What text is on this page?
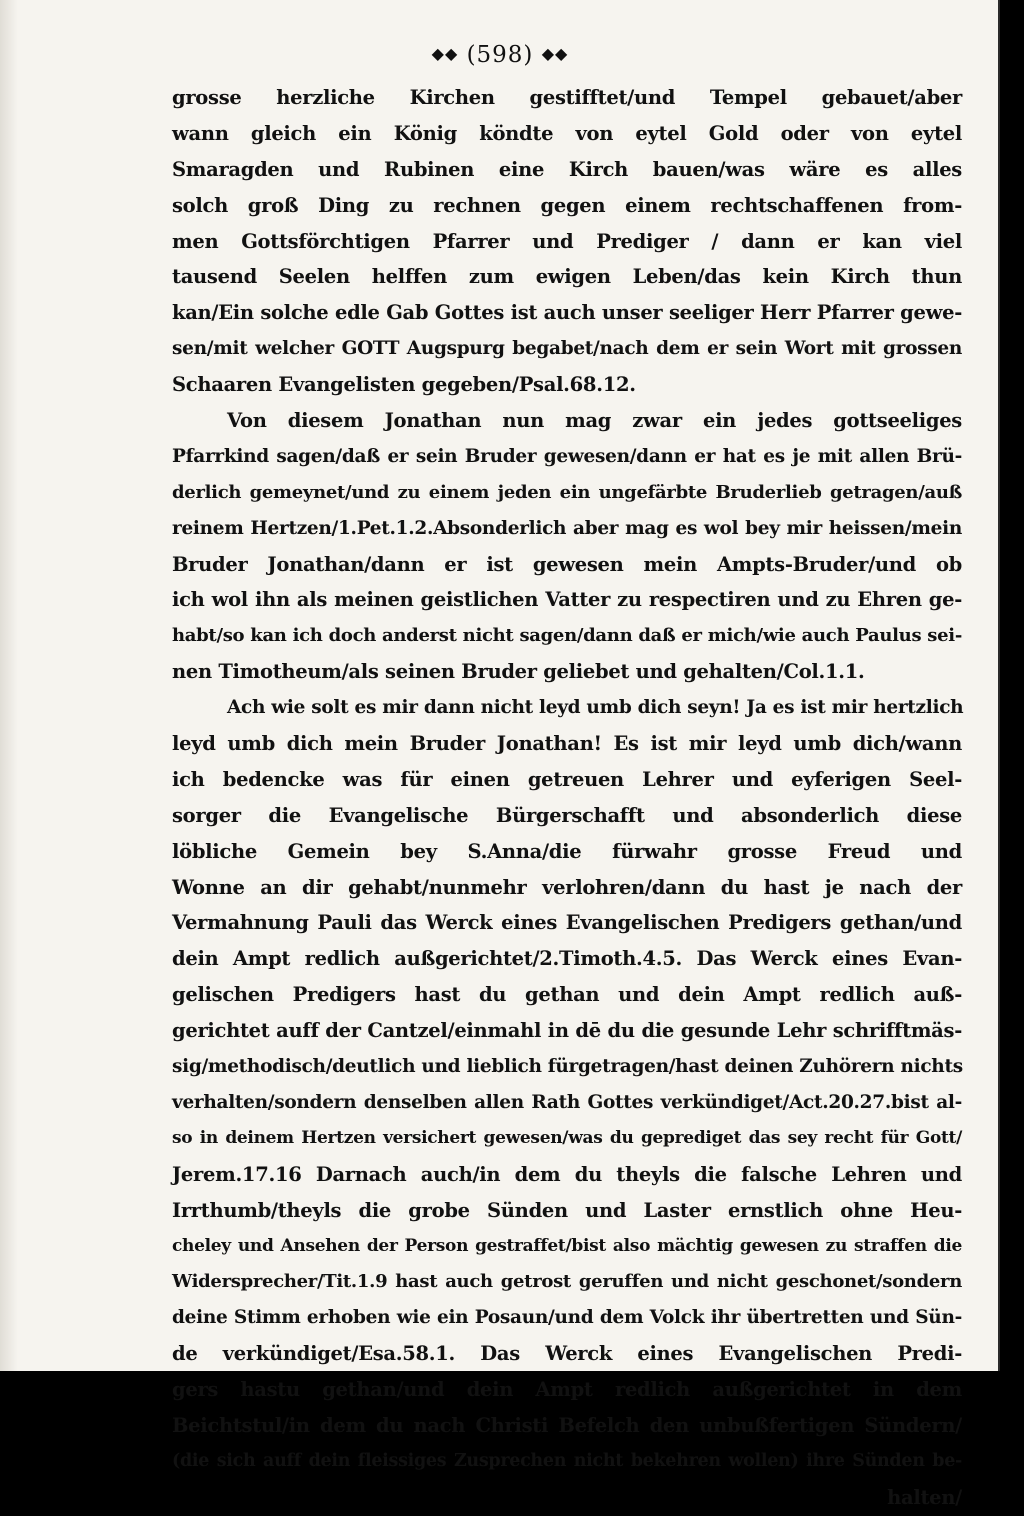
◆◆ (598) ◆◆
grosse herzliche Kirchen gestifftet/und Tempel gebauet/aber
wann gleich ein König köndte von eytel Gold oder von eytel
Smaragden und Rubinen eine Kirch bauen/was wäre es alles
solch groß Ding zu rechnen gegen einem rechtschaffenen from-
men Gottsförchtigen Pfarrer und Prediger / dann er kan viel
tausend Seelen helffen zum ewigen Leben/das kein Kirch thun
kan/Ein solche edle Gab Gottes ist auch unser seeliger Herr Pfarrer gewe-
sen/mit welcher GOTT Augspurg begabet/nach dem er sein Wort mit grossen
Schaaren Evangelisten gegeben/Psal.68.12.
Von diesem Jonathan nun mag zwar ein jedes gottseeliges
Pfarrkind sagen/daß er sein Bruder gewesen/dann er hat es je mit allen Brü-
derlich gemeynet/und zu einem jeden ein ungefärbte Bruderlieb getragen/auß
reinem Hertzen/1.Pet.1.2.Absonderlich aber mag es wol bey mir heissen/mein
Bruder Jonathan/dann er ist gewesen mein Ampts-Bruder/und ob
ich wol ihn als meinen geistlichen Vatter zu respectiren und zu Ehren ge-
habt/so kan ich doch anderst nicht sagen/dann daß er mich/wie auch Paulus sei-
nen Timotheum/als seinen Bruder geliebet und gehalten/Col.1.1.
Ach wie solt es mir dann nicht leyd umb dich seyn! Ja es ist mir hertzlich
leyd umb dich mein Bruder Jonathan! Es ist mir leyd umb dich/wann
ich bedencke was für einen getreuen Lehrer und eyferigen Seel-
sorger die Evangelische Bürgerschafft und absonderlich diese
löbliche Gemein bey S.Anna/die fürwahr grosse Freud und
Wonne an dir gehabt/nunmehr verlohren/dann du hast je nach der
Vermahnung Pauli das Werck eines Evangelischen Predigers gethan/und
dein Ampt redlich außgerichtet/2.Timoth.4.5. Das Werck eines Evan-
gelischen Predigers hast du gethan und dein Ampt redlich auß-
gerichtet auff der Cantzel/einmahl in dē du die gesunde Lehr schrifftmäs-
sig/methodisch/deutlich und lieblich fürgetragen/hast deinen Zuhörern nichts
verhalten/sondern denselben allen Rath Gottes verkündiget/Act.20.27.bist al-
so in deinem Hertzen versichert gewesen/was du geprediget das sey recht für Gott/
Jerem.17.16 Darnach auch/in dem du theyls die falsche Lehren und
Irrthumb/theyls die grobe Sünden und Laster ernstlich ohne Heu-
cheley und Ansehen der Person gestraffet/bist also mächtig gewesen zu straffen die
Widersprecher/Tit.1.9 hast auch getrost geruffen und nicht geschonet/sondern
deine Stimm erhoben wie ein Posaun/und dem Volck ihr übertretten und Sün-
de verkündiget/Esa.58.1. Das Werck eines Evangelischen Predi-
gers hastu gethan/und dein Ampt redlich außgerichtet in dem
Beichtstul/in dem du nach Christi Befelch den unbußfertigen Sündern/
(die sich auff dein fleissiges Zusprechen nicht bekehren wollen) ihre Sünden be-
halten/
